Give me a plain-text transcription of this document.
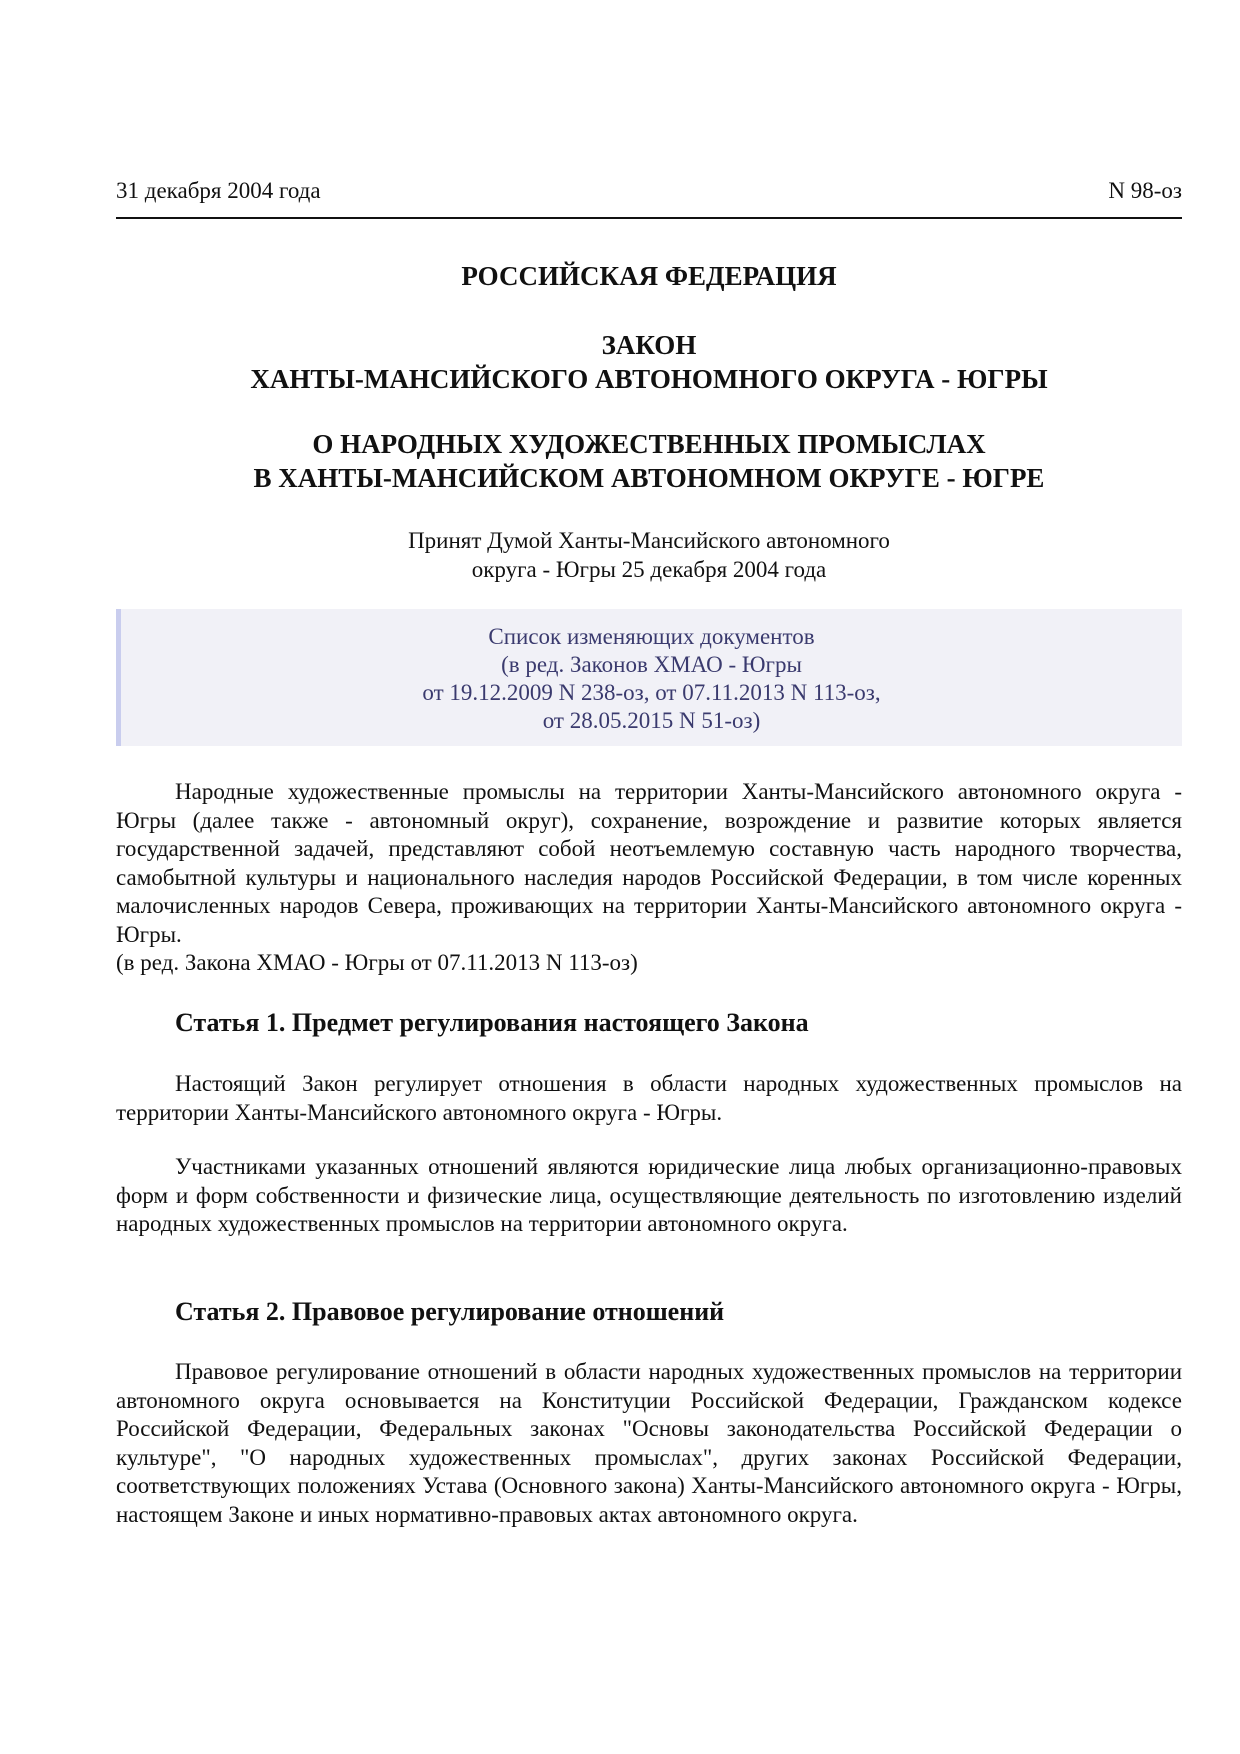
31 декабря 2004 года	N 98-оз
РОССИЙСКАЯ ФЕДЕРАЦИЯ
ЗАКОН
ХАНТЫ-МАНСИЙСКОГО АВТОНОМНОГО ОКРУГА - ЮГРЫ
О НАРОДНЫХ ХУДОЖЕСТВЕННЫХ ПРОМЫСЛАХ
В ХАНТЫ-МАНСИЙСКОМ АВТОНОМНОМ ОКРУГЕ - ЮГРЕ
Принят Думой Ханты-Мансийского автономного
округа - Югры 25 декабря 2004 года
Список изменяющих документов
(в ред. Законов ХМАО - Югры
от 19.12.2009 N 238-оз, от 07.11.2013 N 113-оз,
от 28.05.2015 N 51-оз)
Народные художественные промыслы на территории Ханты-Мансийского автономного округа - Югры (далее также - автономный округ), сохранение, возрождение и развитие которых является государственной задачей, представляют собой неотъемлемую составную часть народного творчества, самобытной культуры и национального наследия народов Российской Федерации, в том числе коренных малочисленных народов Севера, проживающих на территории Ханты-Мансийского автономного округа - Югры.
(в ред. Закона ХМАО - Югры от 07.11.2013 N 113-оз)
Статья 1. Предмет регулирования настоящего Закона
Настоящий Закон регулирует отношения в области народных художественных промыслов на территории Ханты-Мансийского автономного округа - Югры.
Участниками указанных отношений являются юридические лица любых организационно-правовых форм и форм собственности и физические лица, осуществляющие деятельность по изготовлению изделий народных художественных промыслов на территории автономного округа.
Статья 2. Правовое регулирование отношений
Правовое регулирование отношений в области народных художественных промыслов на территории автономного округа основывается на Конституции Российской Федерации, Гражданском кодексе Российской Федерации, Федеральных законах "Основы законодательства Российской Федерации о культуре", "О народных художественных промыслах", других законах Российской Федерации, соответствующих положениях Устава (Основного закона) Ханты-Мансийского автономного округа - Югры, настоящем Законе и иных нормативно-правовых актах автономного округа.
